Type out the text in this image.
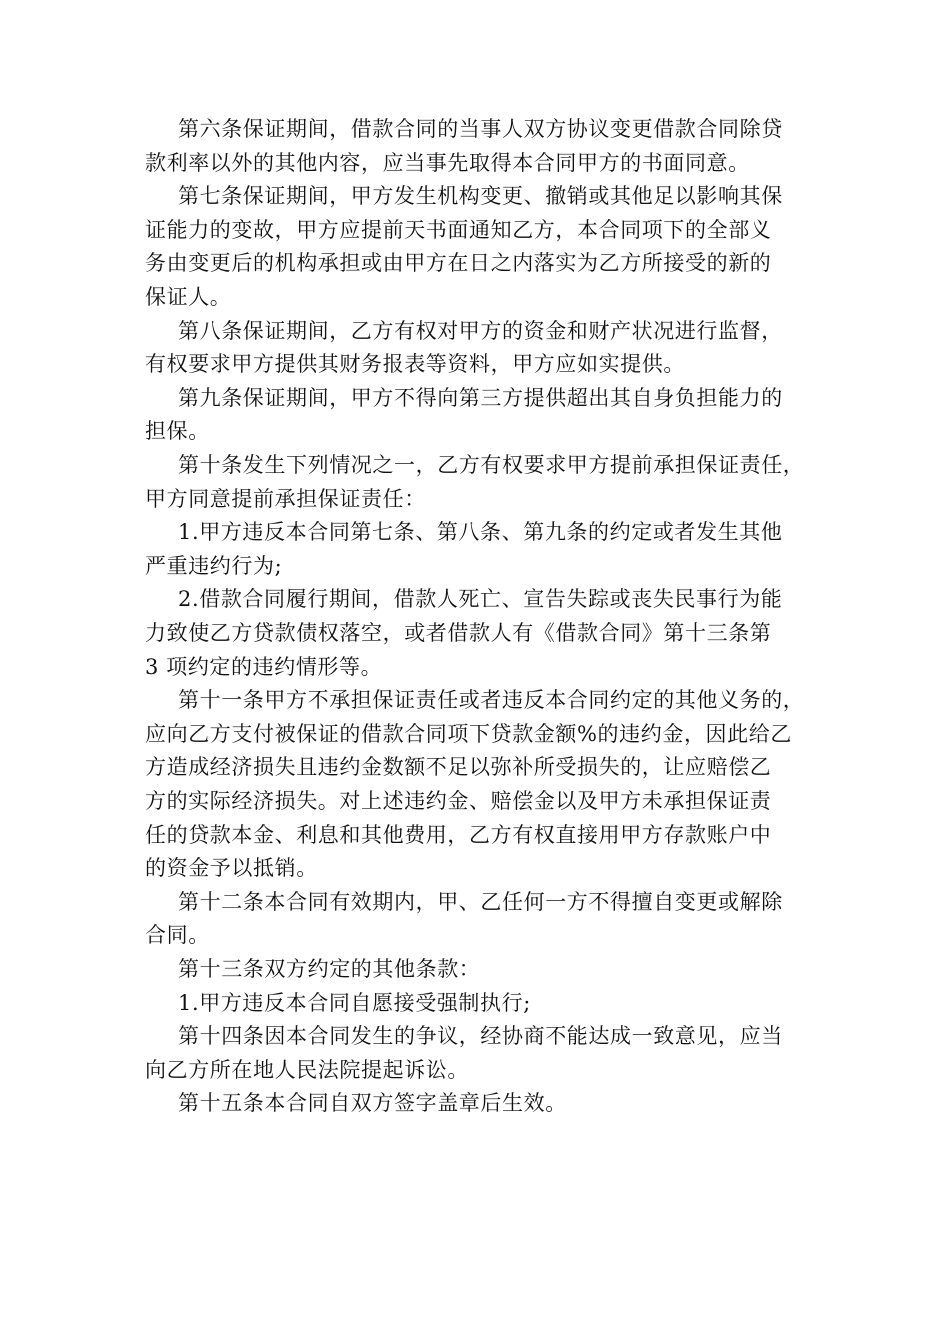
第六条保证期间，借款合同的当事人双方协议变更借款合同除贷
款利率以外的其他内容，应当事先取得本合同甲方的书面同意。
第七条保证期间，甲方发生机构变更、撤销或其他足以影响其保
证能力的变故，甲方应提前天书面通知乙方，本合同项下的全部义
务由变更后的机构承担或由甲方在日之内落实为乙方所接受的新的
保证人。
第八条保证期间，乙方有权对甲方的资金和财产状况进行监督，
有权要求甲方提供其财务报表等资料，甲方应如实提供。
第九条保证期间，甲方不得向第三方提供超出其自身负担能力的
担保。
第十条发生下列情况之一，乙方有权要求甲方提前承担保证责任，
甲方同意提前承担保证责任：
1.甲方违反本合同第七条、第八条、第九条的约定或者发生其他
严重违约行为;
2.借款合同履行期间，借款人死亡、宣告失踪或丧失民事行为能
力致使乙方贷款债权落空，或者借款人有《借款合同》第十三条第
3 项约定的违约情形等。
第十一条甲方不承担保证责任或者违反本合同约定的其他义务的，
应向乙方支付被保证的借款合同项下贷款金额%的违约金，因此给乙
方造成经济损失且违约金数额不足以弥补所受损失的，让应赔偿乙
方的实际经济损失。对上述违约金、赔偿金以及甲方未承担保证责
任的贷款本金、利息和其他费用，乙方有权直接用甲方存款账户中
的资金予以抵销。
第十二条本合同有效期内，甲、乙任何一方不得擅自变更或解除
合同。
第十三条双方约定的其他条款：
1.甲方违反本合同自愿接受强制执行;
第十四条因本合同发生的争议，经协商不能达成一致意见，应当
向乙方所在地人民法院提起诉讼。
第十五条本合同自双方签字盖章后生效。
